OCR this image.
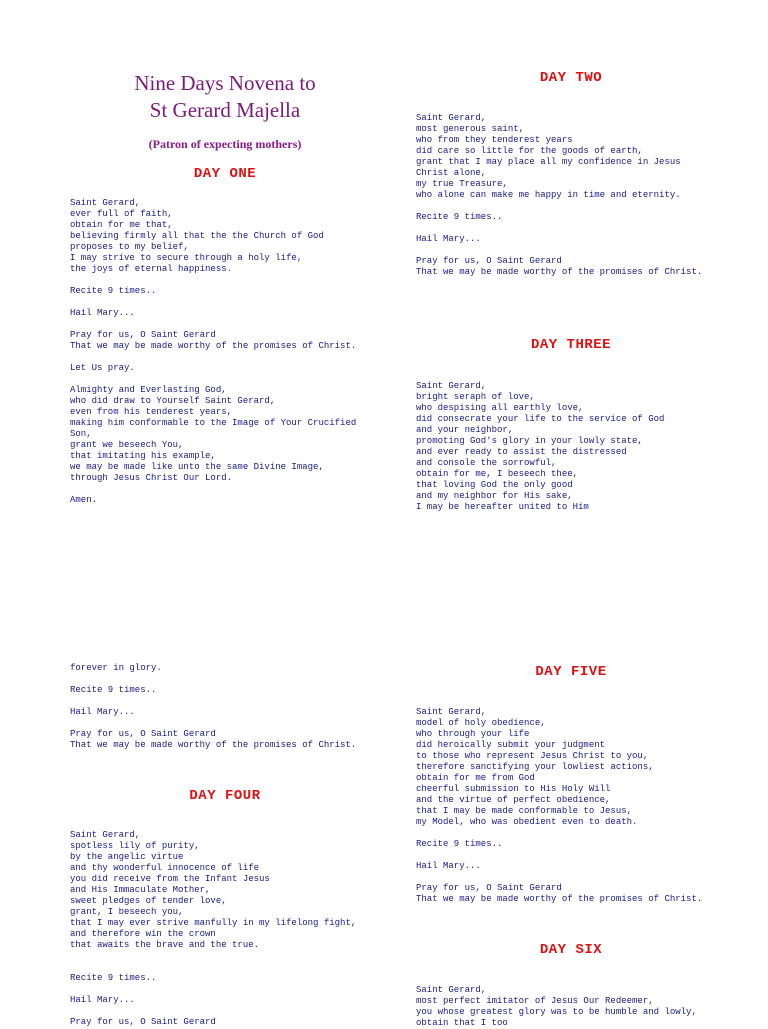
Nine Days Novena to
St Gerard Majella
(Patron of expecting mothers)
DAY ONE
Saint Gerard,
ever full of faith,
obtain for me that,
believing firmly all that the the Church of God
proposes to my belief,
I may strive to secure through a holy life,
the joys of eternal happiness.
Recite 9 times..
Hail Mary...
Pray for us, O Saint Gerard
That we may be made worthy of the promises of Christ.
Let Us pray.
Almighty and Everlasting God,
who did draw to Yourself Saint Gerard,
even from his tenderest years,
making him conformable to the Image of Your Crucified
Son,
grant we beseech You,
that imitating his example,
we may be made like unto the same Divine Image,
through Jesus Christ Our Lord.
Amen.
DAY TWO
Saint Gerard,
most generous saint,
who from they tenderest years
did care so little for the goods of earth,
grant that I may place all my confidence in Jesus
Christ alone,
my true Treasure,
who alone can make me happy in time and eternity.
Recite 9 times..
Hail Mary...
Pray for us, O Saint Gerard
That we may be made worthy of the promises of Christ.
DAY THREE
Saint Gerard,
bright seraph of love,
who despising all earthly love,
did consecrate your life to the service of God
and your neighbor,
promoting God's glory in your lowly state,
and ever ready to assist the distressed
and console the sorrowful,
obtain for me, I beseech thee,
that loving God the only good
and my neighbor for His sake,
I may be hereafter united to Him
forever in glory.
Recite 9 times..
Hail Mary...
Pray for us, O Saint Gerard
That we may be made worthy of the promises of Christ.
DAY FOUR
Saint Gerard,
spotless lily of purity,
by the angelic virtue
and thy wonderful innocence of life
you did receive from the Infant Jesus
and His Immaculate Mother,
sweet pledges of tender love,
grant, I beseech you,
that I may ever strive manfully in my lifelong fight,
and therefore win the crown
that awaits the brave and the true.
Recite 9 times..
Hail Mary...
Pray for us, O Saint Gerard
DAY FIVE
Saint Gerard,
model of holy obedience,
who through your life
did heroically submit your judgment
to those who represent Jesus Christ to you,
therefore sanctifying your lowliest actions,
obtain for me from God
cheerful submission to His Holy Will
and the virtue of perfect obedience,
that I may be made conformable to Jesus,
my Model, who was obedient even to death.
Recite 9 times..
Hail Mary...
Pray for us, O Saint Gerard
That we may be made worthy of the promises of Christ.
DAY SIX
Saint Gerard,
most perfect imitator of Jesus Our Redeemer,
you whose greatest glory was to be humble and lowly,
obtain that I too
